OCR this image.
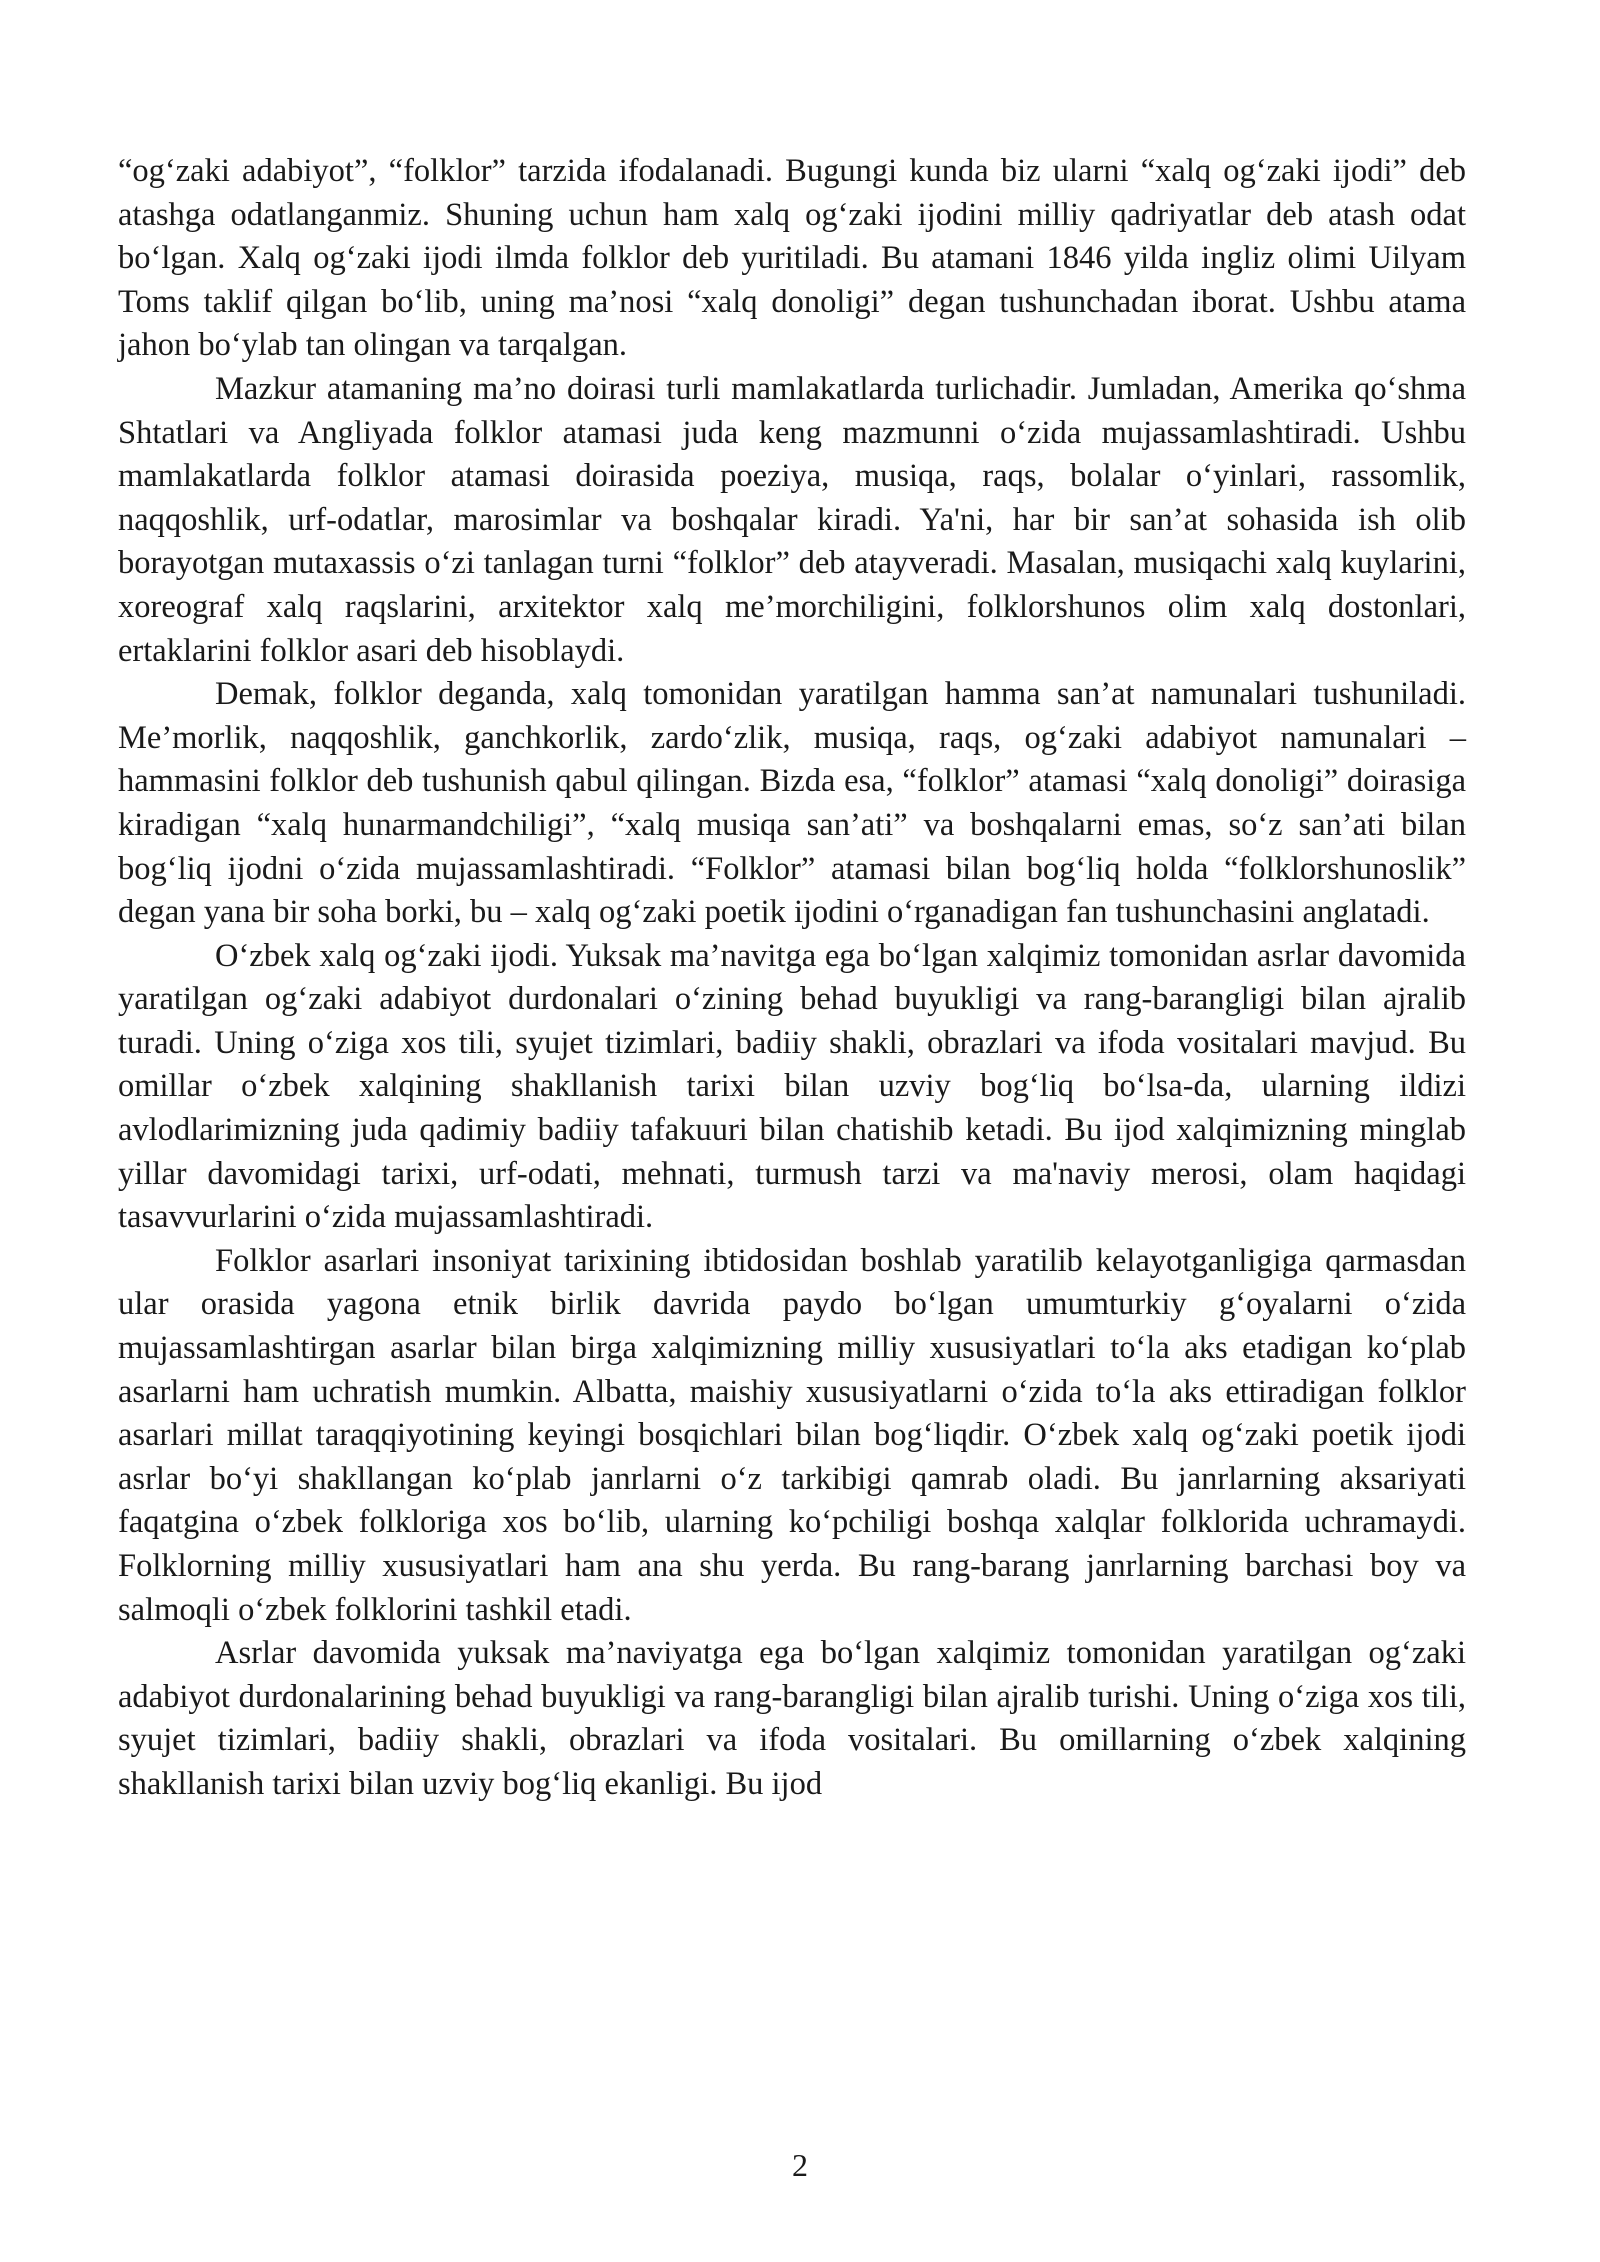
“og‘zaki adabiyot”, “folklor” tarzida ifodalanadi. Bugungi kunda biz ularni “xalq og‘zaki ijodi” deb atashga odatlanganmiz. Shuning uchun ham xalq og‘zaki ijodini milliy qadriyatlar deb atash odat bo‘lgan. Xalq og‘zaki ijodi ilmda folklor deb yuritiladi. Bu atamani 1846 yilda ingliz olimi Uilyam Toms taklif qilgan bo‘lib, uning ma’nosi “xalq donoligi” degan tushunchadan iborat. Ushbu atama jahon bo‘ylab tan olingan va tarqalgan.

Mazkur atamaning ma’no doirasi turli mamlakatlarda turlichadir. Jumladan, Amerika qo‘shma Shtatlari va Angliyada folklor atamasi juda keng mazmunni o‘zida mujassamlashtiradi. Ushbu mamlakatlarda folklor atamasi doirasida poeziya, musiqa, raqs, bolalar o‘yinlari, rassomlik, naqqoshlik, urf-odatlar, marosimlar va boshqalar kiradi. Ya'ni, har bir san’at sohasida ish olib borayotgan mutaxassis o‘zi tanlagan turni “folklor” deb atayveradi. Masalan, musiqachi xalq kuylarini, xoreograf xalq raqslarini, arxitektor xalq me’morchiligini, folklorshunos olim xalq dostonlari, ertaklarini folklor asari deb hisoblaydi.

Demak, folklor deganda, xalq tomonidan yaratilgan hamma san’at namunalari tushuniladi. Me’morlik, naqqoshlik, ganchkorlik, zardo‘zlik, musiqa, raqs, og‘zaki adabiyot namunalari – hammasini folklor deb tushunish qabul qilingan. Bizda esa, “folklor” atamasi “xalq donoligi” doirasiga kiradigan “xalq hunarmandchiligi”, “xalq musiqa san’ati” va boshqalarni emas, so‘z san’ati bilan bog‘liq ijodni o‘zida mujassamlashtiradi. “Folklor” atamasi bilan bog‘liq holda “folklorshunoslik” degan yana bir soha borki, bu – xalq og‘zaki poetik ijodini o‘rganadigan fan tushunchasini anglatadi.

O‘zbek xalq og‘zaki ijodi. Yuksak ma’navitga ega bo‘lgan xalqimiz tomonidan asrlar davomida yaratilgan og‘zaki adabiyot durdonalari o‘zining behad buyukligi va rang-barangligi bilan ajralib turadi. Uning o‘ziga xos tili, syujet tizimlari, badiiy shakli, obrazlari va ifoda vositalari mavjud. Bu omillar o‘zbek xalqining shakllanish tarixi bilan uzviy bog‘liq bo‘lsa-da, ularning ildizi avlodlarimizning juda qadimiy badiiy tafakuuri bilan chatishib ketadi. Bu ijod xalqimizning minglab yillar davomidagi tarixi, urf-odati, mehnati, turmush tarzi va ma'naviy merosi, olam haqidagi tasavvurlarini o‘zida mujassamlashtiradi.

Folklor asarlari insoniyat tarixining ibtidosidan boshlab yaratilib kelayotganligiga qarmasdan ular orasida yagona etnik birlik davrida paydo bo‘lgan umumturkiy g‘oyalarni o‘zida mujassamlashtirgan asarlar bilan birga xalqimizning milliy xususiyatlari to‘la aks etadigan ko‘plab asarlarni ham uchratish mumkin. Albatta, maishiy xususiyatlarni o‘zida to‘la aks ettiradigan folklor asarlari millat taraqqiyotining keyingi bosqichlari bilan bog‘liqdir. O‘zbek xalq og‘zaki poetik ijodi asrlar bo‘yi shakllangan ko‘plab janrlarni o‘z tarkibigi qamrab oladi. Bu janrlarning aksariyati faqatgina o‘zbek folkloriga xos bo‘lib, ularning ko‘pchiligi boshqa xalqlar folklorida uchramaydi. Folklorning milliy xususiyatlari ham ana shu yerda. Bu rang-barang janrlarning barchasi boy va salmoqli o‘zbek folklorini tashkil etadi.

Asrlar davomida yuksak ma’naviyatga ega bo‘lgan xalqimiz tomonidan yaratilgan og‘zaki adabiyot durdonalarining behad buyukligi va rang-barangligi bilan ajralib turishi. Uning o‘ziga xos tili, syujet tizimlari, badiiy shakli, obrazlari va ifoda vositalari. Bu omillarning o‘zbek xalqining shakllanish tarixi bilan uzviy bog‘liq ekanligi. Bu ijod

2
